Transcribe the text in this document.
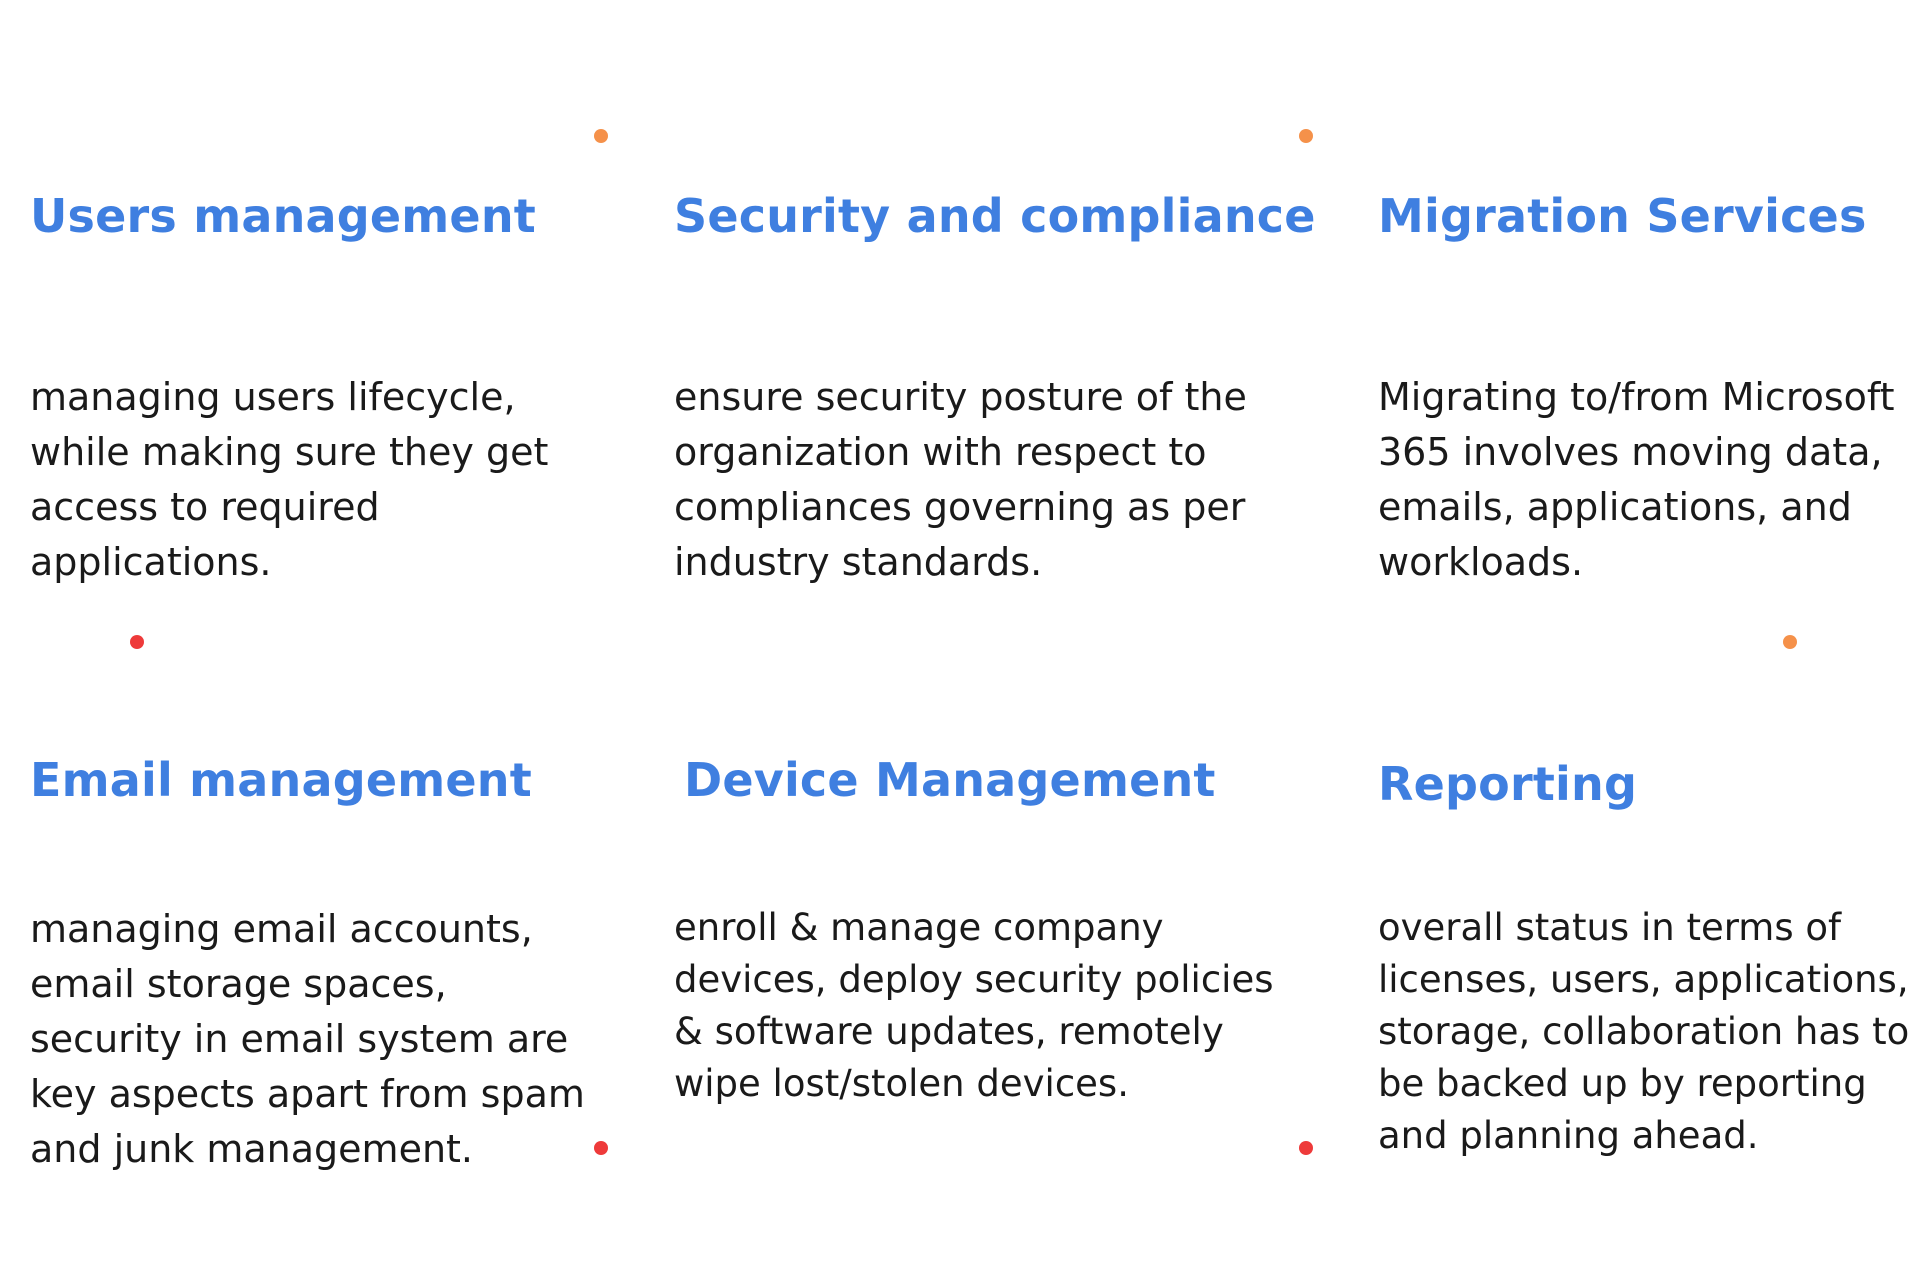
Users management

managing users lifecycle, while making sure they get access to required applications.

Security and compliance

ensure security posture of the organization with respect to compliances governing as per industry standards.

Migration Services

Migrating to/from Microsoft 365 involves moving data, emails, applications, and workloads.

Email management

managing email accounts, email storage spaces, security in email system are key aspects apart from spam and junk management.

Device Management

enroll & manage company devices, deploy security policies & software updates, remotely wipe lost/stolen devices.

Reporting

overall status in terms of licenses, users, applications, storage, collaboration has to be backed up by reporting and planning ahead.
